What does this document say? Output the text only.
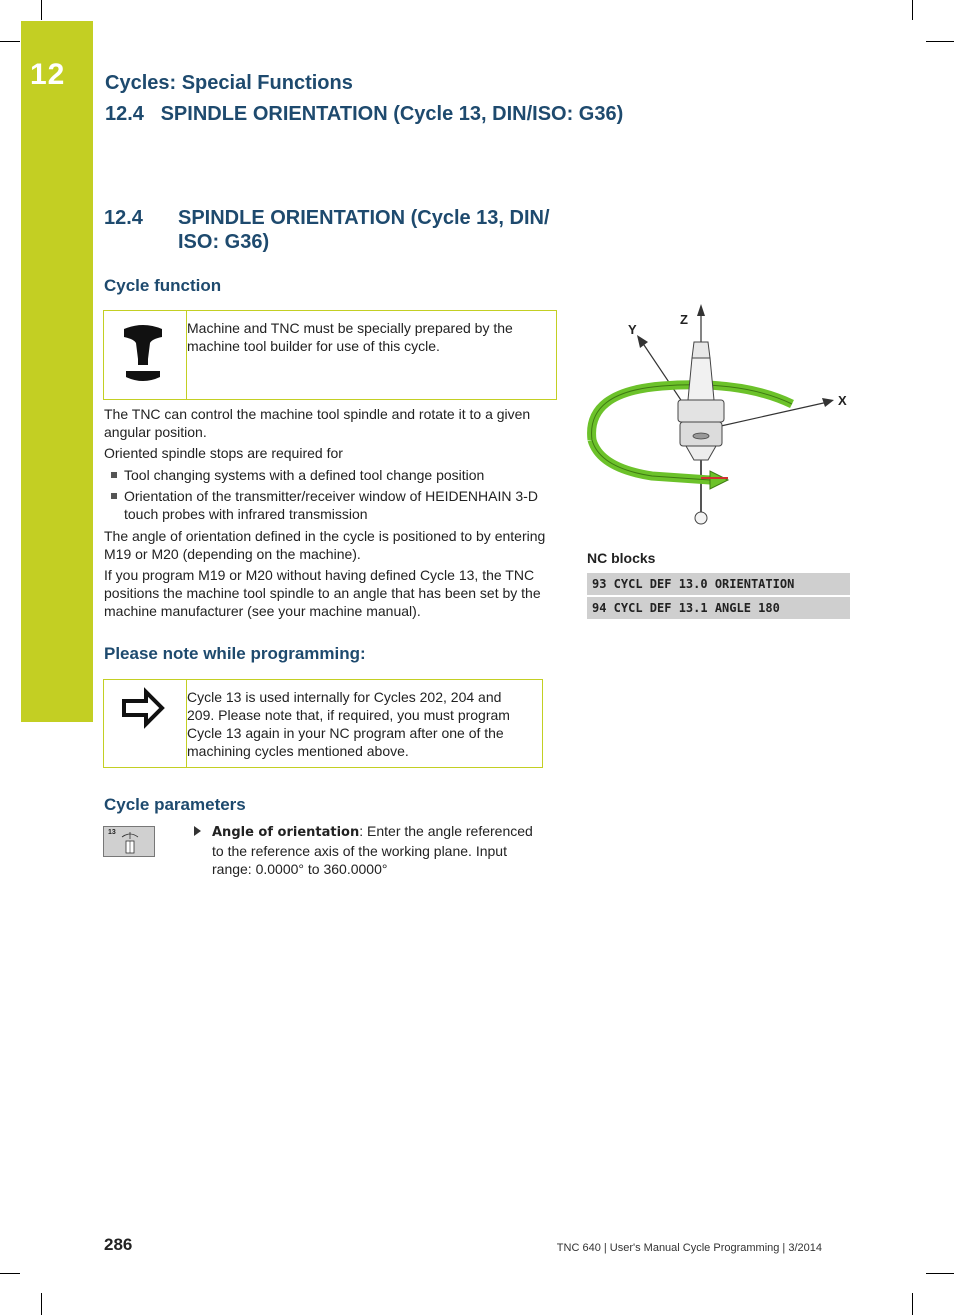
12	Cycles: Special Functions
12.4   SPINDLE ORIENTATION (Cycle 13, DIN/ISO: G36)
12.4 SPINDLE ORIENTATION (Cycle 13, DIN/ ISO: G36)
Cycle function
Machine and TNC must be specially prepared by the machine tool builder for use of this cycle.
The TNC can control the machine tool spindle and rotate it to a given angular position.
Oriented spindle stops are required for
Tool changing systems with a defined tool change position
Orientation of the transmitter/receiver window of HEIDENHAIN 3-D touch probes with infrared transmission
The angle of orientation defined in the cycle is positioned to by entering M19 or M20 (depending on the machine).
If you program M19 or M20 without having defined Cycle 13, the TNC positions the machine tool spindle to an angle that has been set by the machine manufacturer (see your machine manual).
Please note while programming:
Cycle 13 is used internally for Cycles 202, 204 and 209. Please note that, if required, you must program Cycle 13 again in your NC program after one of the machining cycles mentioned above.
Cycle parameters
13	Angle of orientation: Enter the angle referenced to the reference axis of the working plane. Input range: 0.0000° to 360.0000°
Z
Y
X
NC blocks
93 CYCL DEF 13.0 ORIENTATION
94 CYCL DEF 13.1 ANGLE 180
286	TNC 640 | User's Manual Cycle Programming | 3/2014
